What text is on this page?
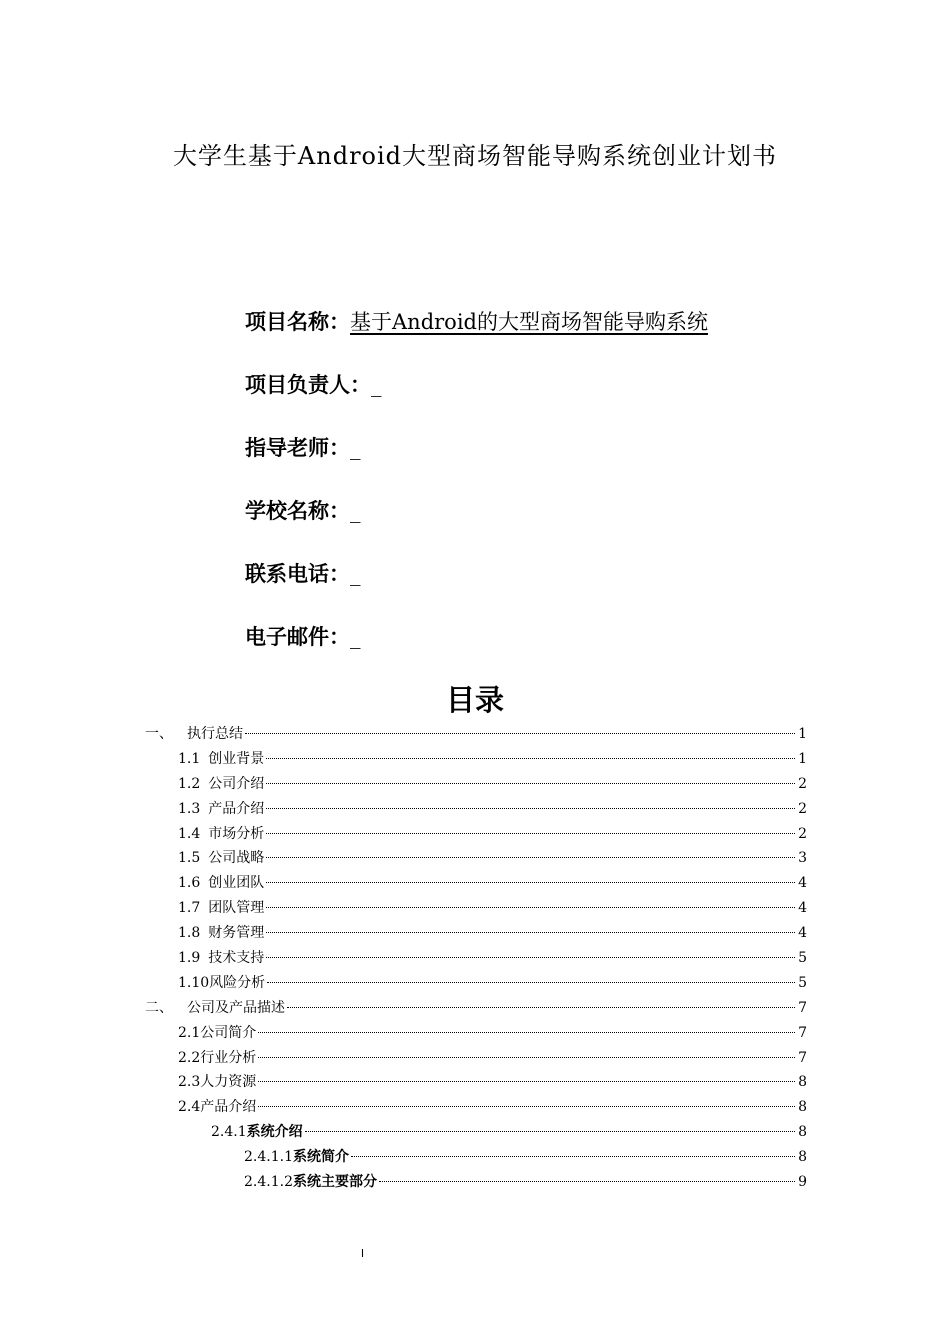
大学生基于Android大型商场智能导购系统创业计划书
项目名称：基于Android的大型商场智能导购系统
项目负责人：_
指导老师：_
学校名称：_
联系电话：_
电子邮件：_
目录
一、	执行总结	1
1.1 创业背景	1
1.2 公司介绍	2
1.3 产品介绍	2
1.4 市场分析	2
1.5 公司战略	3
1.6 创业团队	4
1.7 团队管理	4
1.8 财务管理	4
1.9 技术支持	5
1.10 风险分析	5
二、	公司及产品描述	7
2.1 公司简介	7
2.2 行业分析	7
2.3 人力资源	8
2.4 产品介绍	8
2.4.1 系统介绍	8
2.4.1.1 系统简介	8
2.4.1.2 系统主要部分	9
I
